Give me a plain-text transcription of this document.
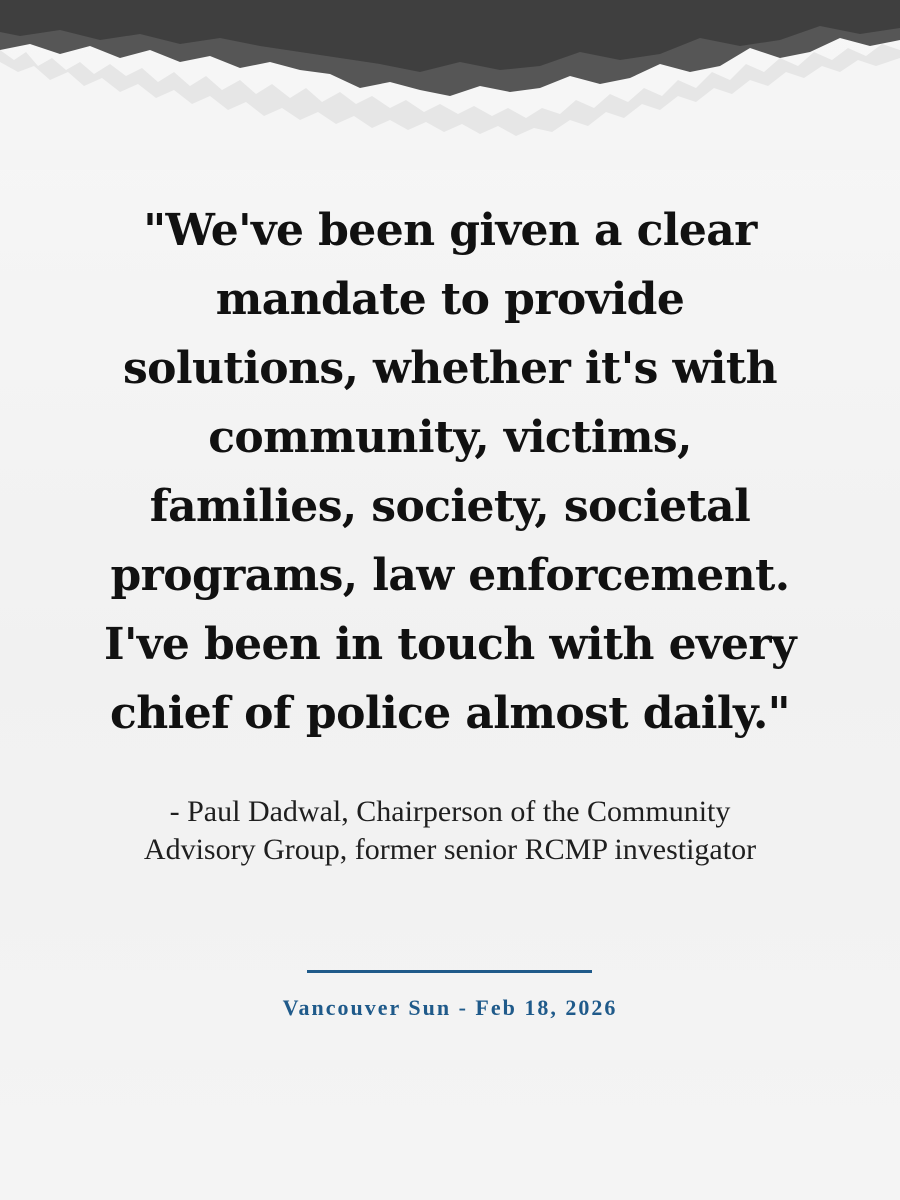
"We've been given a clear
mandate to provide
solutions, whether it's with
community, victims,
families, society, societal
programs, law enforcement.
I've been in touch with every
chief of police almost daily."

- Paul Dadwal, Chairperson of the Community
Advisory Group, former senior RCMP investigator

Vancouver Sun - Feb 18, 2026
